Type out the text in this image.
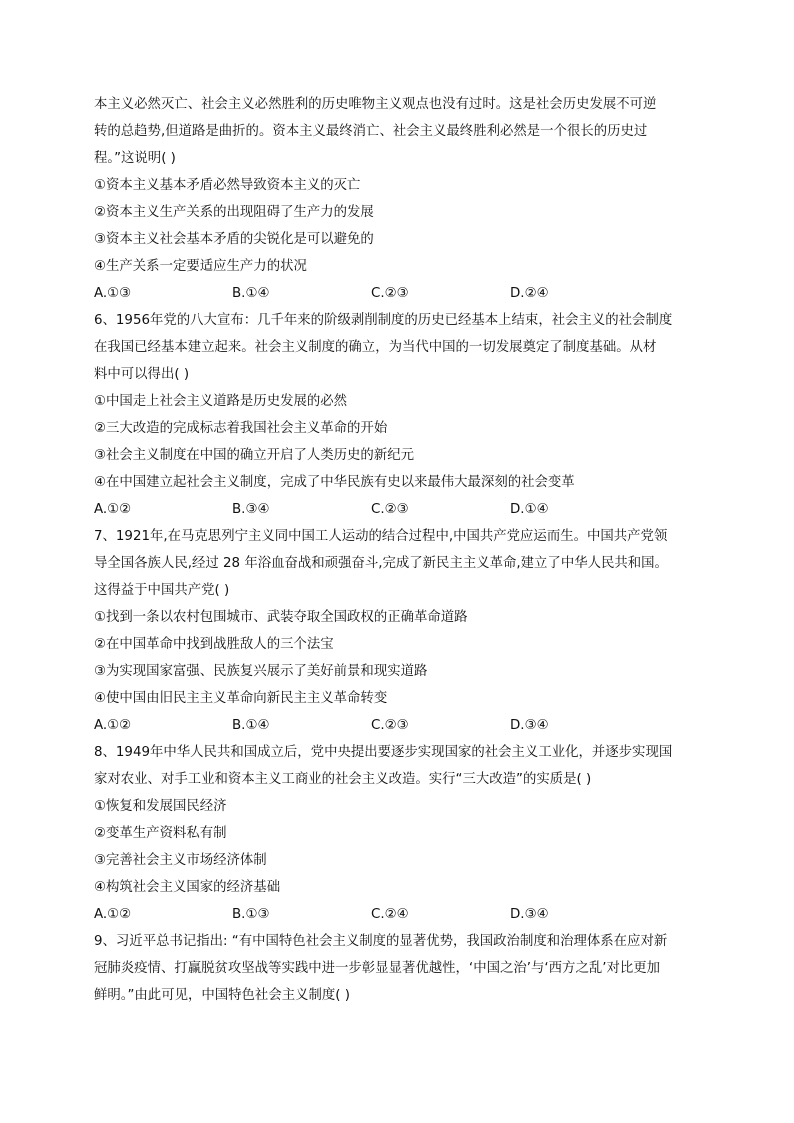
本主义必然灭亡、社会主义必然胜利的历史唯物主义观点也没有过时。这是社会历史发展不可逆
转的总趋势,但道路是曲折的。资本主义最终消亡、社会主义最终胜利必然是一个很长的历史过
程。”这说明( )
①资本主义基本矛盾必然导致资本主义的灭亡
②资本主义生产关系的出现阻碍了生产力的发展
③资本主义社会基本矛盾的尖锐化是可以避免的
④生产关系一定要适应生产力的状况
A.①③	B.①④	C.②③	D.②④
6、1956年党的八大宣布：几千年来的阶级剥削制度的历史已经基本上结束，社会主义的社会制度
在我国已经基本建立起来。社会主义制度的确立，为当代中国的一切发展奠定了制度基础。从材
料中可以得出( )
①中国走上社会主义道路是历史发展的必然
②三大改造的完成标志着我国社会主义革命的开始
③社会主义制度在中国的确立开启了人类历史的新纪元
④在中国建立起社会主义制度，完成了中华民族有史以来最伟大最深刻的社会变革
A.①②	B.③④	C.②③	D.①④
7、1921年,在马克思列宁主义同中国工人运动的结合过程中,中国共产党应运而生。中国共产党领
导全国各族人民,经过 28 年浴血奋战和顽强奋斗,完成了新民主主义革命,建立了中华人民共和国。
这得益于中国共产党( )
①找到一条以农村包围城市、武装夺取全国政权的正确革命道路
②在中国革命中找到战胜敌人的三个法宝
③为实现国家富强、民族复兴展示了美好前景和现实道路
④使中国由旧民主主义革命向新民主主义革命转变
A.①②	B.①④	C.②③	D.③④
8、1949年中华人民共和国成立后，党中央提出要逐步实现国家的社会主义工业化，并逐步实现国
家对农业、对手工业和资本主义工商业的社会主义改造。实行“三大改造”的实质是( )
①恢复和发展国民经济
②变革生产资料私有制
③完善社会主义市场经济体制
④构筑社会主义国家的经济基础
A.①②	B.①③	C.②④	D.③④
9、习近平总书记指出: “有中国特色社会主义制度的显著优势，我国政治制度和治理体系在应对新
冠肺炎疫情、打赢脱贫攻坚战等实践中进一步彰显显著优越性，‘中国之治’与‘西方之乱’对比更加
鲜明。”由此可见，中国特色社会主义制度( )
